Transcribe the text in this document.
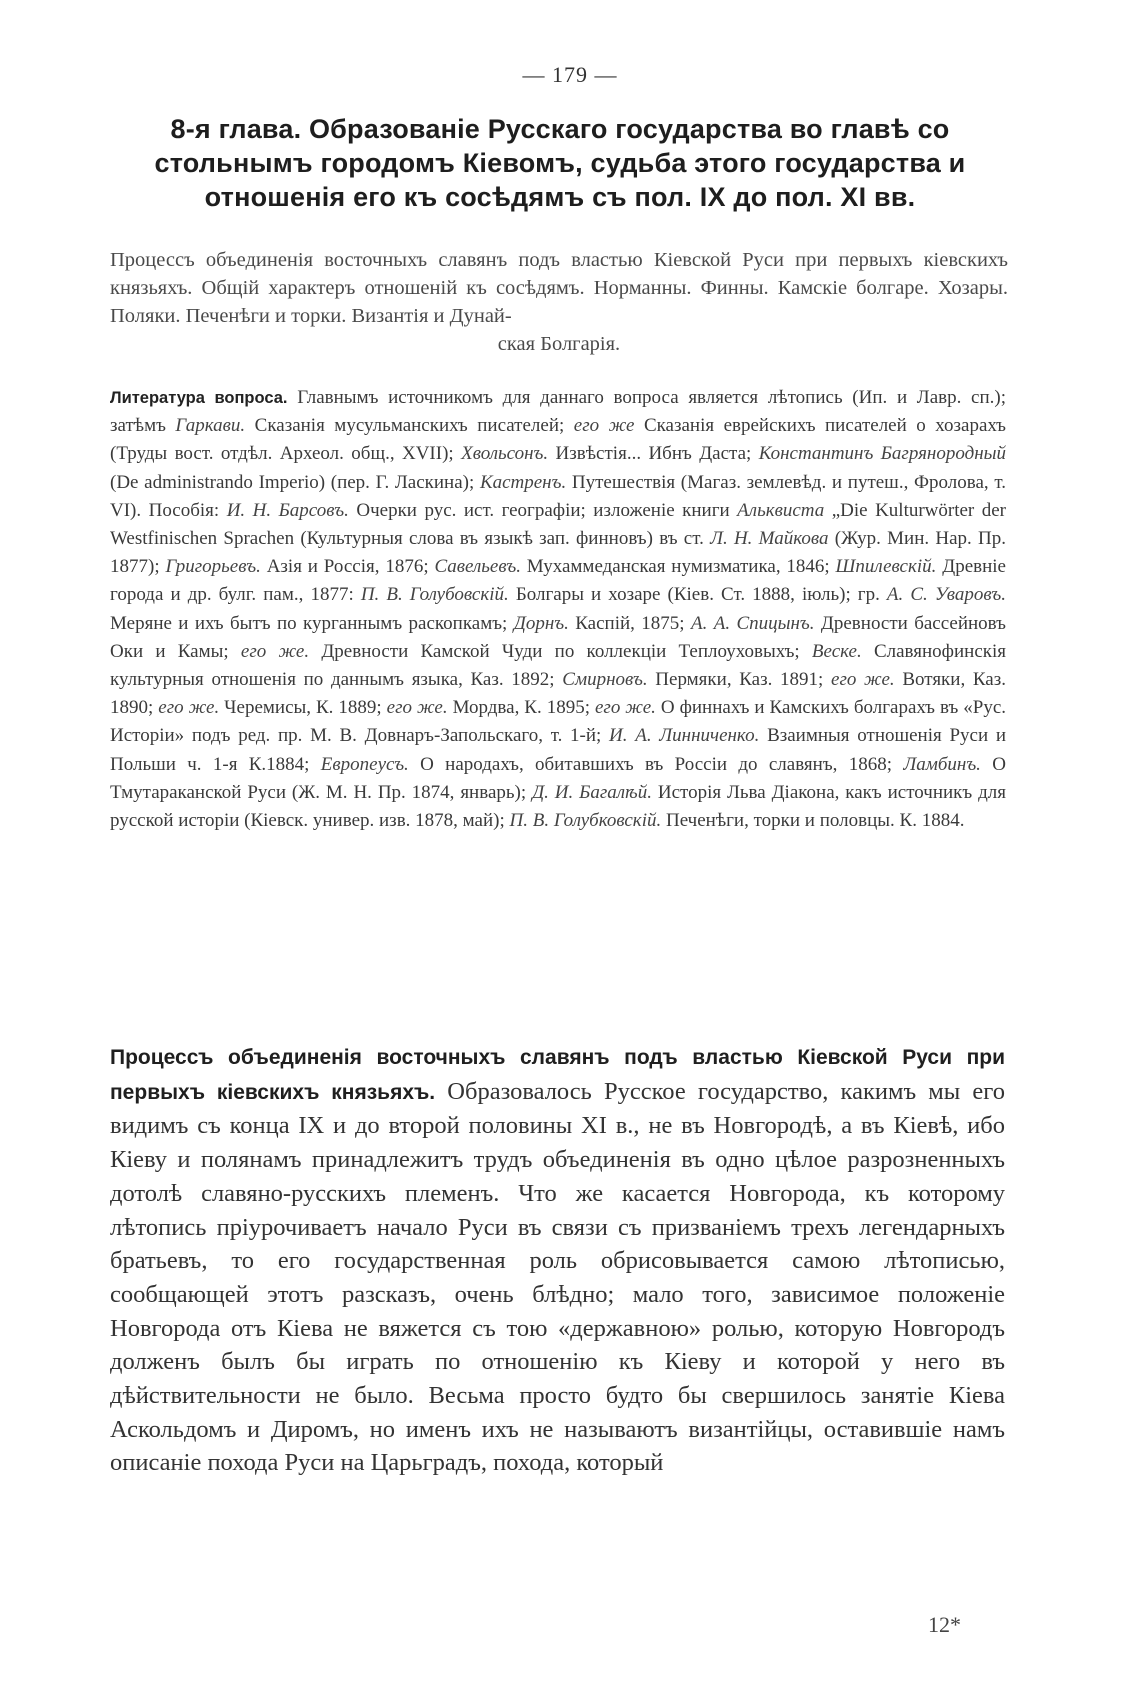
— 179 —
8-я глава. Образованіе Русскаго государства во главѣ со стольнымъ городомъ Кіевомъ, судьба этого государства и отношенія его къ сосѣдямъ съ пол. IX до пол. XI вв.
Процессъ объединенія восточныхъ славянъ подъ властью Кіевской Руси при первыхъ кіевскихъ князьяхъ. Общій характеръ отношеній къ сосѣдямъ. Норманны. Финны. Камскіе болгаре. Хозары. Поляки. Печенѣги и торки. Византія и Дунай-
ская Болгарія.
Литература вопроса. Главнымъ источникомъ для даннаго вопроса является лѣтопись (Ип. и Лавр. сп.); затѣмъ Гаркави. Сказанія мусульманскихъ писателей; его же Сказанія еврейскихъ писателей о хозарахъ (Труды вост. отдѣл. Археол. общ., XVII); Хвольсонъ. Извѣстія... Ибнъ Даста; Константинъ Багрянородный (De administrando Imperio) (пер. Г. Ласкина); Кастренъ. Путешествія (Магаз. землевѣд. и путеш., Фролова, т. VI). Пособія: И. Н. Барсовъ. Очерки рус. ист. географіи; изложеніе книги Альквиста „Die Kulturwörter der Westfinischen Sprachen (Культурныя слова въ языкѣ зап. финновъ) въ ст. Л. Н. Майкова (Жур. Мин. Нар. Пр. 1877); Григорьевъ. Азія и Россія, 1876; Савельевъ. Мухаммеданская нумизматика, 1846; Шпилевскій. Древніе города и др. булг. пам., 1877: П. В. Голубовскій. Болгары и хозаре (Кіев. Ст. 1888, іюль); гр. А. С. Уваровъ. Меряне и ихъ бытъ по курганнымъ раскопкамъ; Дорнъ. Каспій, 1875; А. А. Спицынъ. Древности бассейновъ Оки и Камы; его же. Древности Камской Чуди по коллекціи Теплоуховыхъ; Веске. Славянофинскія культурныя отношенія по даннымъ языка, Каз. 1892; Смирновъ. Пермяки, Каз. 1891; его же. Вотяки, Каз. 1890; его же. Черемисы, К. 1889; его же. Мордва, К. 1895; его же. О финнахъ и Камскихъ болгарахъ въ «Рус. Исторіи» подъ ред. пр. М. В. Довнаръ-Запольскаго, т. 1-й; И. А. Линниченко. Взаимныя отношенія Руси и Польши ч. 1-я К.1884; Европеусъ. О народахъ, обитавшихъ въ Россіи до славянъ, 1868; Ламбинъ. О Тмутараканской Руси (Ж. М. Н. Пр. 1874, январь); Д. И. Багалѣй. Исторія Льва Діакона, какъ источникъ для русской исторіи (Кіевск. универ. изв. 1878, май); П. В. Голубковскій. Печенѣги, торки и половцы. К. 1884.
Процессъ объединенія восточныхъ славянъ подъ властью Кіевской Руси при первыхъ кіевскихъ князьяхъ. Образовалось Русское государство, какимъ мы его видимъ съ конца IX и до второй половины XI в., не въ Новгородѣ, а въ Кіевѣ, ибо Кіеву и полянамъ принадлежитъ трудъ объединенія въ одно цѣлое разрозненныхъ дотолѣ славяно-русскихъ племенъ. Что же касается Новгорода, къ которому лѣтопись пріурочиваетъ начало Руси въ связи съ призваніемъ трехъ легендарныхъ братьевъ, то его государственная роль обрисовывается самою лѣтописью, сообщающей этотъ разсказъ, очень блѣдно; мало того, зависимое положеніе Новгорода отъ Кіева не вяжется съ тою «державною» ролью, которую Новгородъ долженъ былъ бы играть по отношенію къ Кіеву и которой у него въ дѣйствительности не было. Весьма просто будто бы свершилось занятіе Кіева Аскольдомъ и Диромъ, но именъ ихъ не называютъ византійцы, оставившіе намъ описаніе похода Руси на Царьградъ, похода, который
12*
